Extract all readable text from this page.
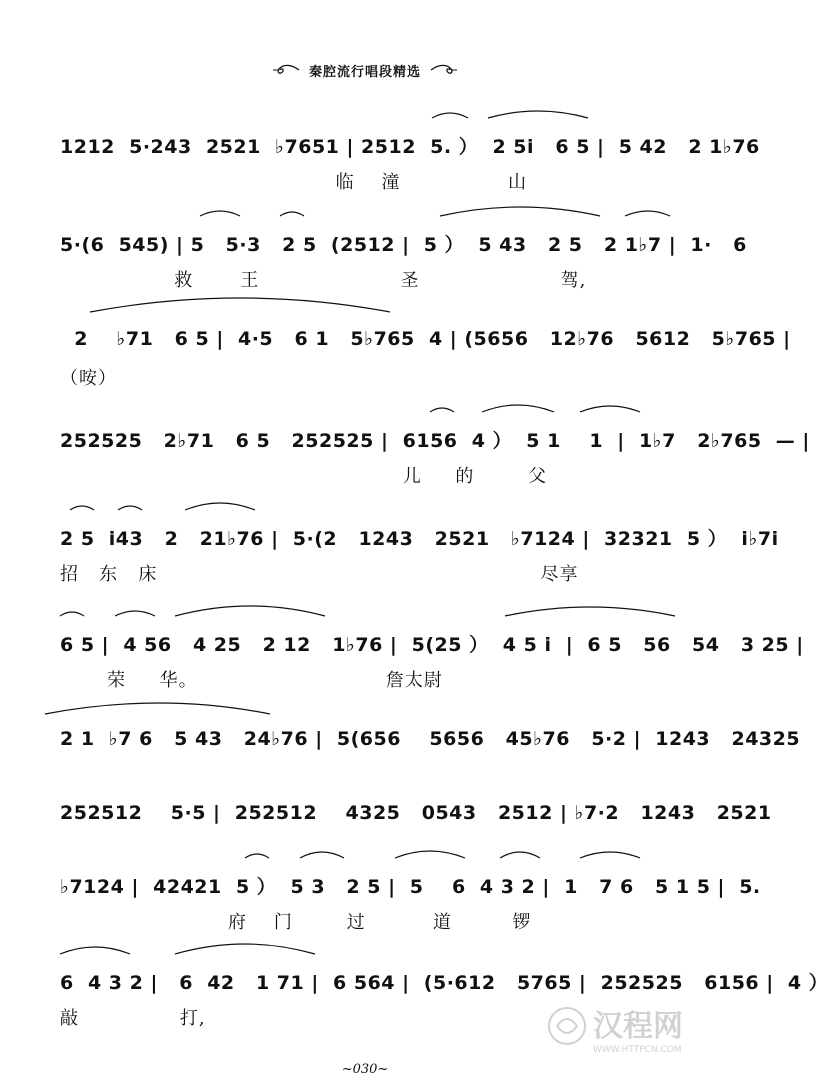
秦腔流行唱段精选
1212  5·243  2521  ♭7651 | 2512  5. ）  2 5i   6 5 |  5 42   2 1♭76
临    潼                山
5·(6  545) | 5   5·3   2 5  (2512 |  5 ）  5 43   2 5   2 1♭7 |  1·   6
救       王                     圣                     驾,
2    ♭71   6 5 |  4·5   6 1   5♭765  4 | (5656   12♭76   5612   5♭765 |
（咹）
252525   2♭71   6 5   252525 |  6156  4 ）  5 1    1  |  1♭7   2♭765  — |
儿     的        父
2 5  i43   2   21♭76 |  5·(2   1243   2521   ♭7124 |  32321  5 ）  i♭7i
招   东   床                                                         尽享
6 5 |  4 56   4 25   2 12   1♭76 |  5(25 ）  4 5 i  |  6 5   56   54   3 25 |
荣     华。                            詹太尉
2 1  ♭7 6   5 43   24♭76 |  5(656    5656   45♭76   5·2 |  1243   24325
252512    5·5 |  252512    4325   0543   2512 | ♭7·2   1243   2521
♭7124 |  42421  5 ）  5 3   2 5 |  5    6  4 3 2 |  1   7 6   5 1 5 |  5.
府    门        过          道         锣
6  4 3 2 |   6  42   1 71 |  6 564 |  (5·612   5765 |  252525   6156 |  4 ）
敲               打,	汉程网
WWW.HTTPCN.COM
~030~
